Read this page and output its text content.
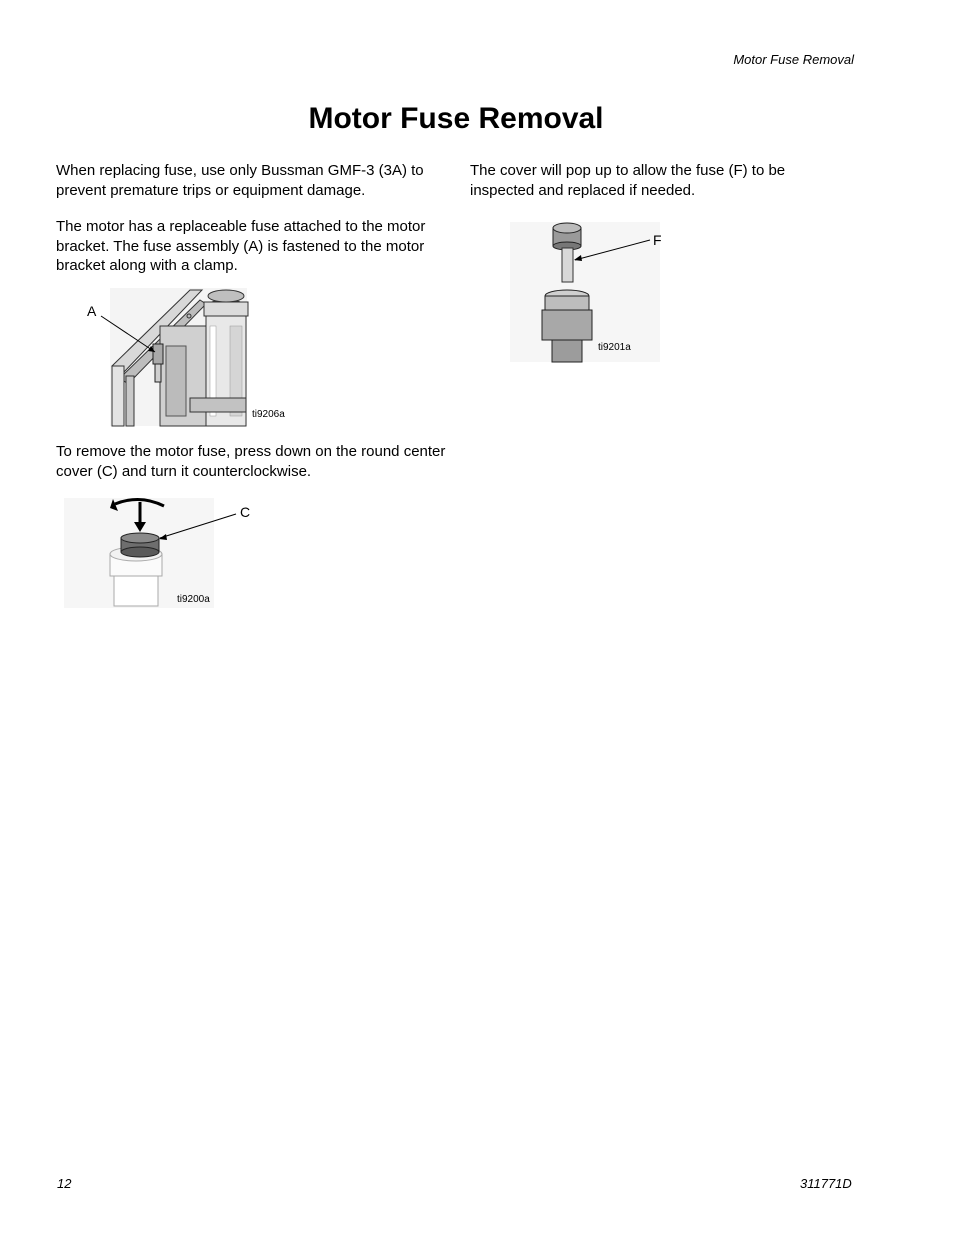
Motor Fuse Removal
Motor Fuse Removal

When replacing fuse, use only Bussman GMF-3 (3A) to prevent premature trips or equipment damage.

The motor has a replaceable fuse attached to the motor bracket. The fuse assembly (A) is fastened to the motor bracket along with a clamp.

A
ti9206a

To remove the motor fuse, press down on the round center cover (C) and turn it counterclockwise.

C
ti9200a

The cover will pop up to allow the fuse (F) to be inspected and replaced if needed.

F
ti9201a
12	311771D
